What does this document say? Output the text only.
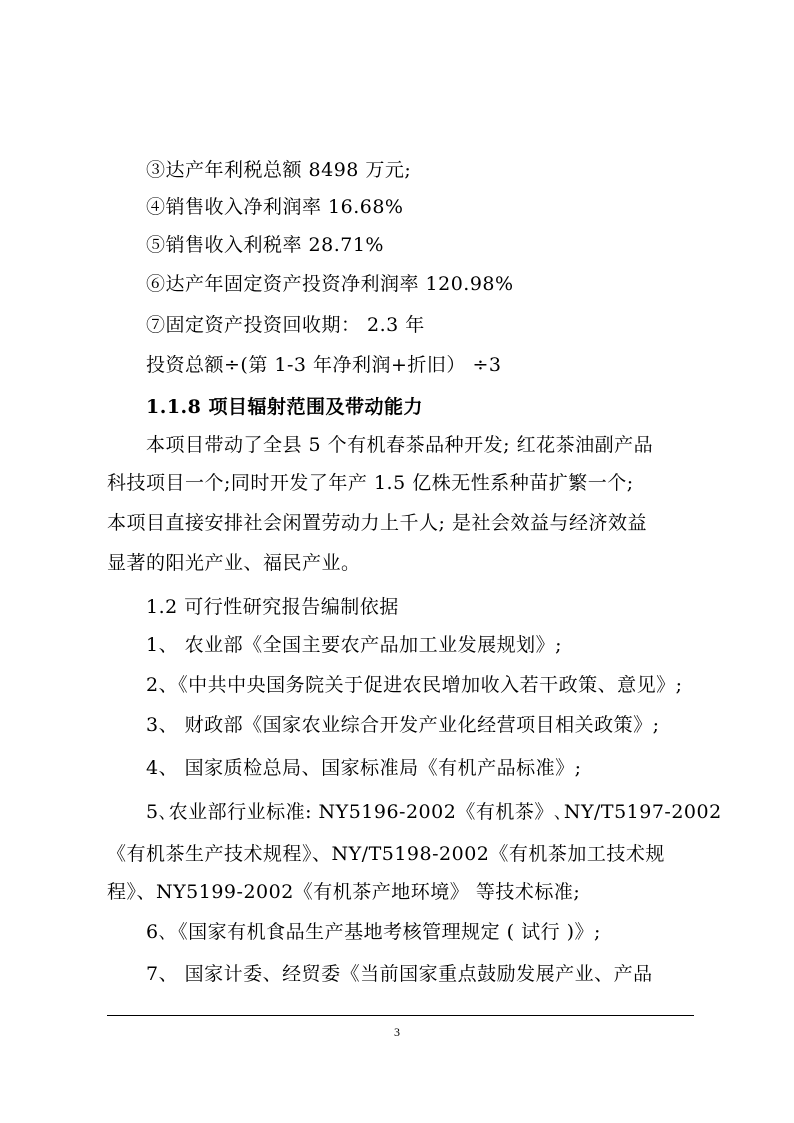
③达产年利税总额 8498 万元;
④销售收入净利润率 16.68%
⑤销售收入利税率 28.71%
⑥达产年固定资产投资净利润率 120.98%
⑦固定资产投资回收期： 2.3 年
投资总额÷(第 1-3 年净利润+折旧） ÷3
1.1.8 项目辐射范围及带动能力
本项目带动了全县 5 个有机春茶品种开发; 红花茶油副产品
科技项目一个;同时开发了年产 1.5 亿株无性系种苗扩繁一个;
本项目直接安排社会闲置劳动力上千人; 是社会效益与经济效益
显著的阳光产业、福民产业。
1.2 可行性研究报告编制依据
1、 农业部《全国主要农产品加工业发展规划》;
2、《中共中央国务院关于促进农民增加收入若干政策、意见》;
3、 财政部《国家农业综合开发产业化经营项目相关政策》;
4、 国家质检总局、国家标准局《有机产品标准》;
5､农业部行业标准: NY5196-2002《有机茶》､NY/T5197-2002
《有机茶生产技术规程》、NY/T5198-2002《有机茶加工技术规
程》、NY5199-2002《有机茶产地环境》 等技术标准;
6､《国家有机食品生产基地考核管理规定 ( 试行 )》;
7、 国家计委、经贸委《当前国家重点鼓励发展产业、产品
3
